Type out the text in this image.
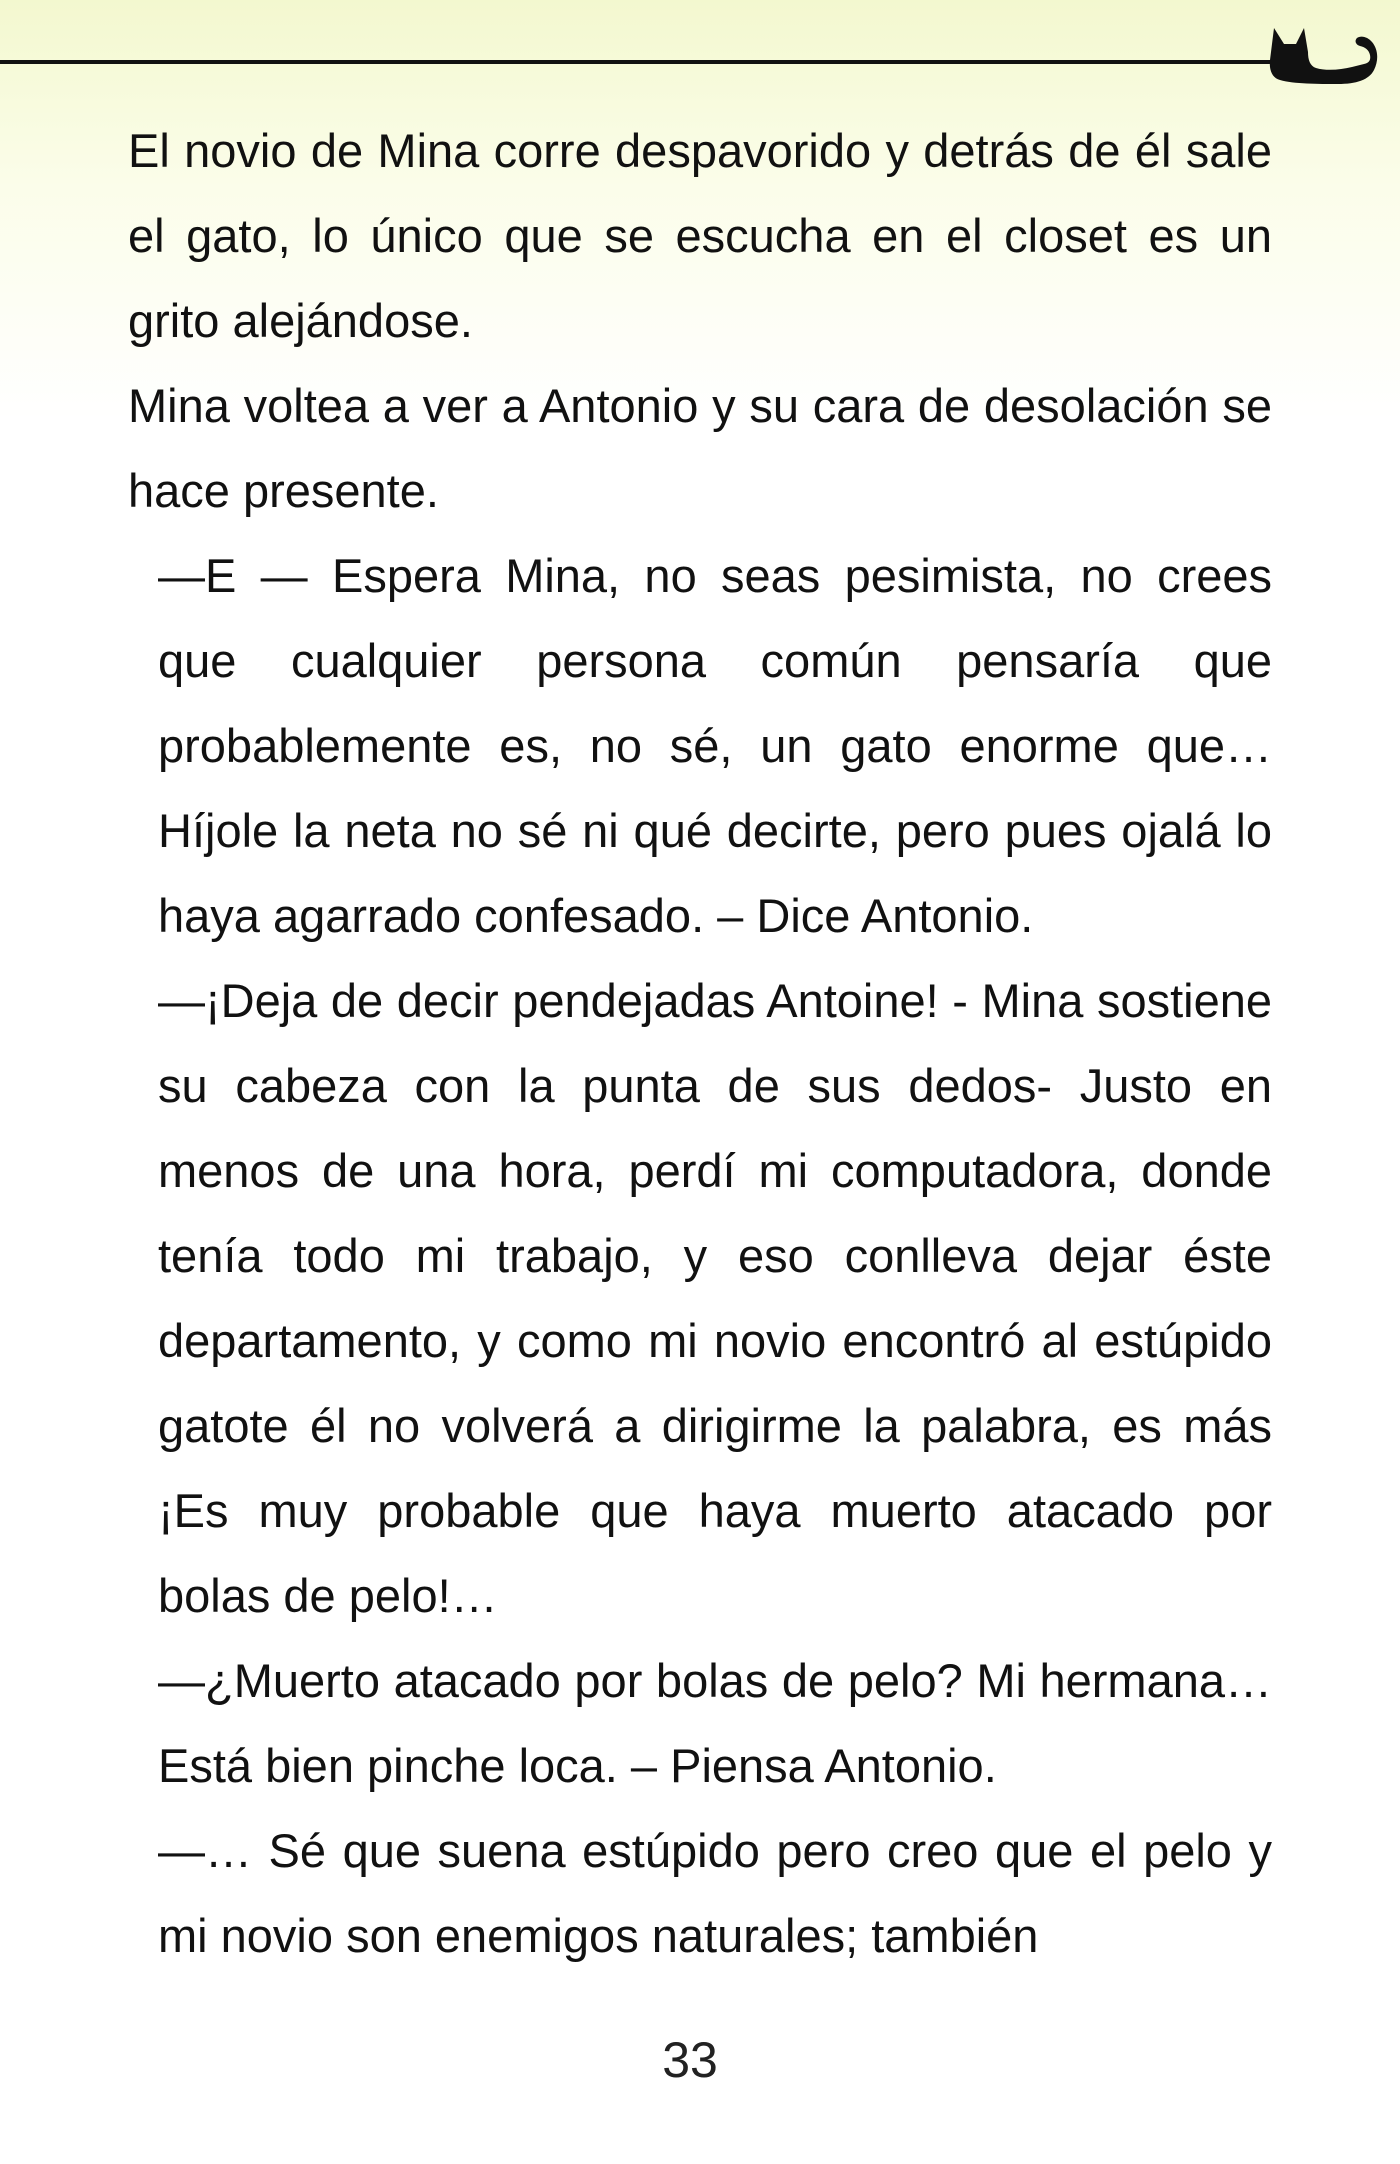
El novio de Mina corre despavorido y detrás de él sale el gato, lo único que se escucha en el closet es un grito alejándose.

Mina voltea a ver a Antonio y su cara de desolación se hace presente.

—E — Espera Mina, no seas pesimista, no crees que cualquier persona común pensaría que probablemente es, no sé, un gato enorme que… Híjole la neta no sé ni qué decirte, pero pues ojalá lo haya agarrado confesado. – Dice Antonio.

—¡Deja de decir pendejadas Antoine! - Mina sostiene su cabeza con la punta de sus dedos- Justo en menos de una hora, perdí mi computadora, donde tenía todo mi trabajo, y eso conlleva dejar éste departamento, y como mi novio encontró al estúpido gatote él no volverá a dirigirme la palabra, es más ¡Es muy probable que haya muerto atacado por bolas de pelo!…

—¿Muerto atacado por bolas de pelo? Mi hermana… Está bien pinche loca. – Piensa Antonio.

—… Sé que suena estúpido pero creo que el pelo y mi novio son enemigos naturales; también

33
